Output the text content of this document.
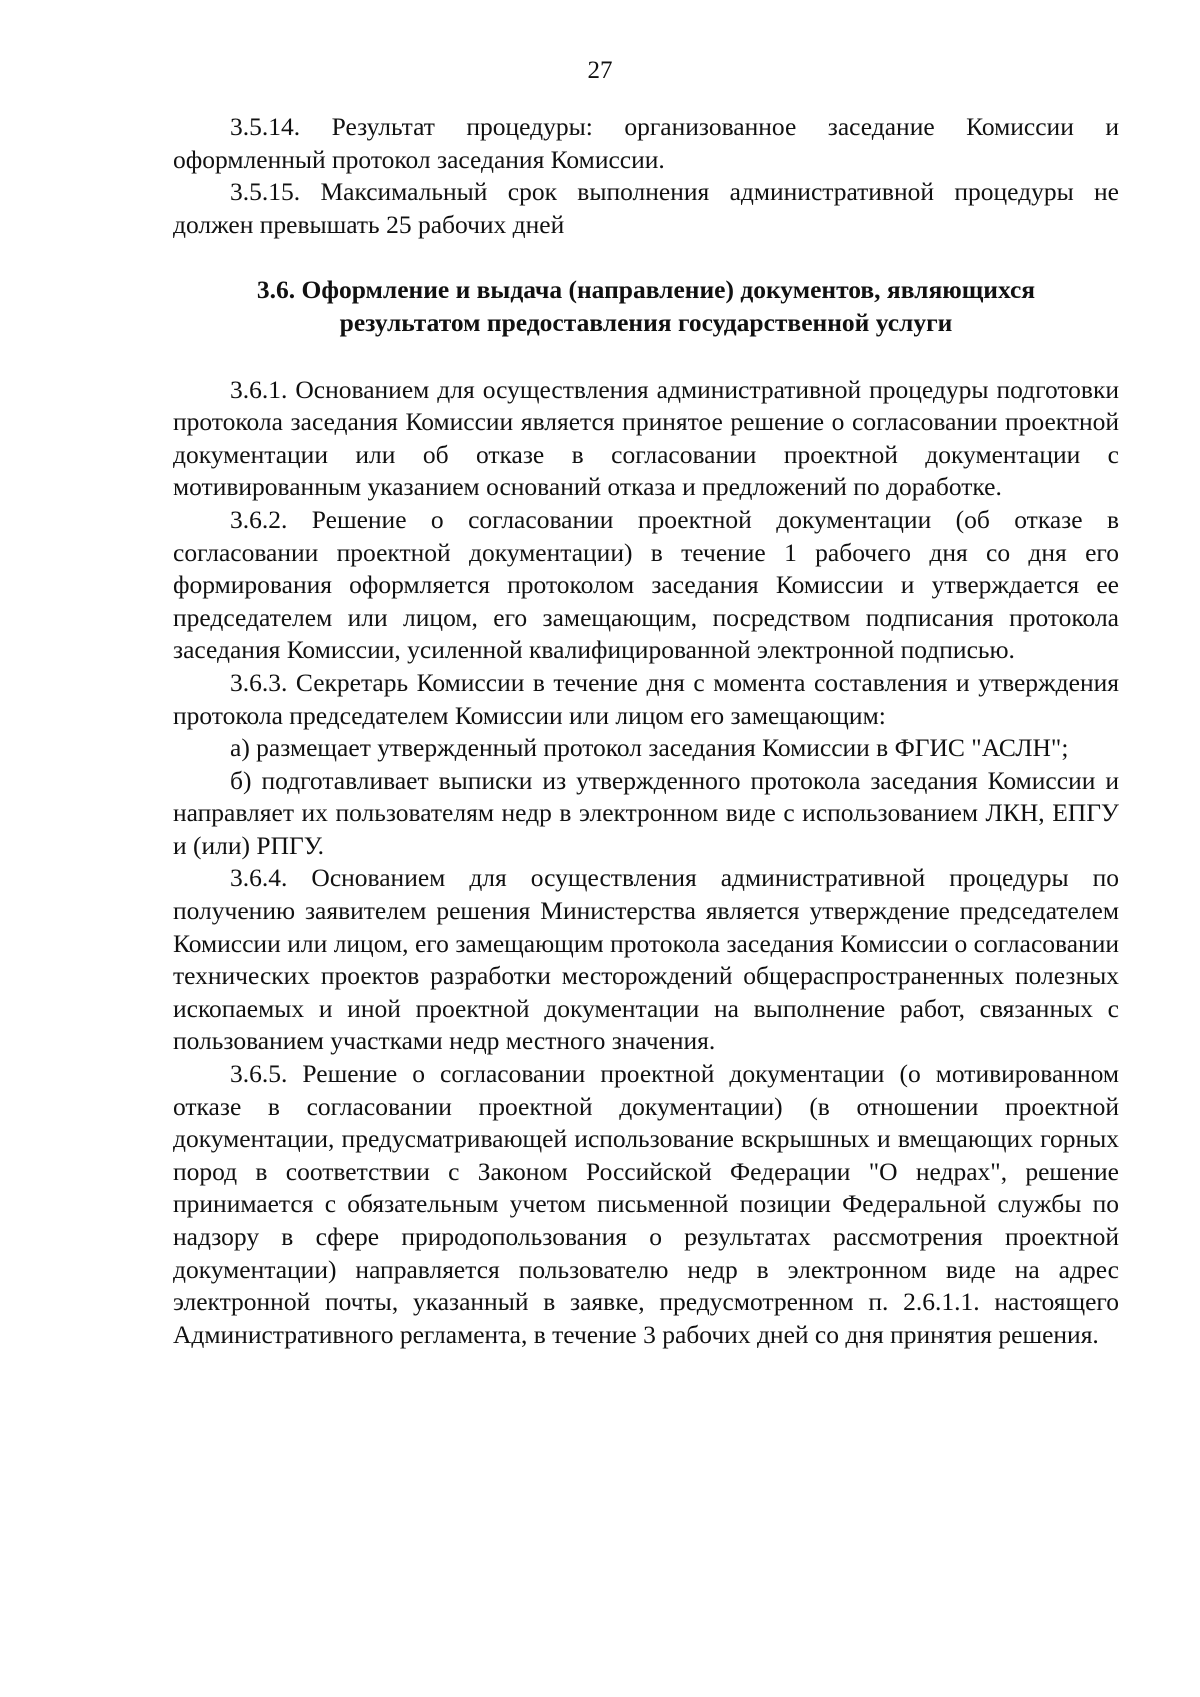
27

3.5.14. Результат процедуры: организованное заседание Комиссии и оформленный протокол заседания Комиссии.

3.5.15. Максимальный срок выполнения административной процедуры не должен превышать 25 рабочих дней

3.6. Оформление и выдача (направление) документов, являющихся результатом предоставления государственной услуги

3.6.1. Основанием для осуществления административной процедуры подготовки протокола заседания Комиссии является принятое решение о согласовании проектной документации или об отказе в согласовании проектной документации с мотивированным указанием оснований отказа и предложений по доработке.

3.6.2. Решение о согласовании проектной документации (об отказе в согласовании проектной документации) в течение 1 рабочего дня со дня его формирования оформляется протоколом заседания Комиссии и утверждается ее председателем или лицом, его замещающим, посредством подписания протокола заседания Комиссии, усиленной квалифицированной электронной подписью.

3.6.3. Секретарь Комиссии в течение дня с момента составления и утверждения протокола председателем Комиссии или лицом его замещающим:

а) размещает утвержденный протокол заседания Комиссии в ФГИС "АСЛН";

б) подготавливает выписки из утвержденного протокола заседания Комиссии и направляет их пользователям недр в электронном виде с использованием ЛКН, ЕПГУ и (или) РПГУ.

3.6.4. Основанием для осуществления административной процедуры по получению заявителем решения Министерства является утверждение председателем Комиссии или лицом, его замещающим протокола заседания Комиссии о согласовании технических проектов разработки месторождений общераспространенных полезных ископаемых и иной проектной документации на выполнение работ, связанных с пользованием участками недр местного значения.

3.6.5. Решение о согласовании проектной документации (о мотивированном отказе в согласовании проектной документации) (в отношении проектной документации, предусматривающей использование вскрышных и вмещающих горных пород в соответствии с Законом Российской Федерации "О недрах", решение принимается с обязательным учетом письменной позиции Федеральной службы по надзору в сфере природопользования о результатах рассмотрения проектной документации) направляется пользователю недр в электронном виде на адрес электронной почты, указанный в заявке, предусмотренном п. 2.6.1.1. настоящего Административного регламента, в течение 3 рабочих дней со дня принятия решения.
